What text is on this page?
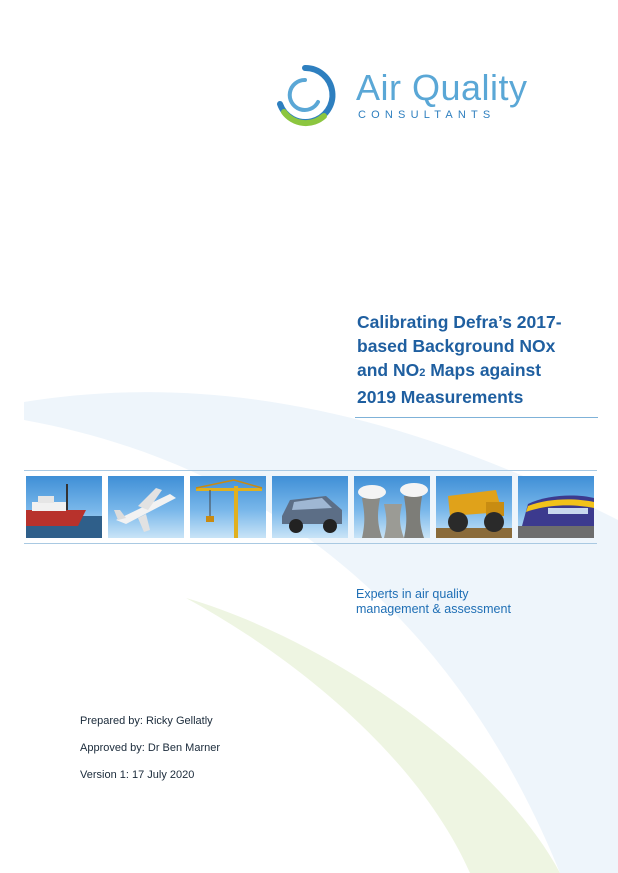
Air Quality
CONSULTANTS
Calibrating Defra’s 2017-
based Background NOx
and NO2 Maps against
2019 Measurements
Experts in air quality
management & assessment
Prepared by: Ricky Gellatly
Approved by: Dr Ben Marner
Version 1: 17 July 2020
